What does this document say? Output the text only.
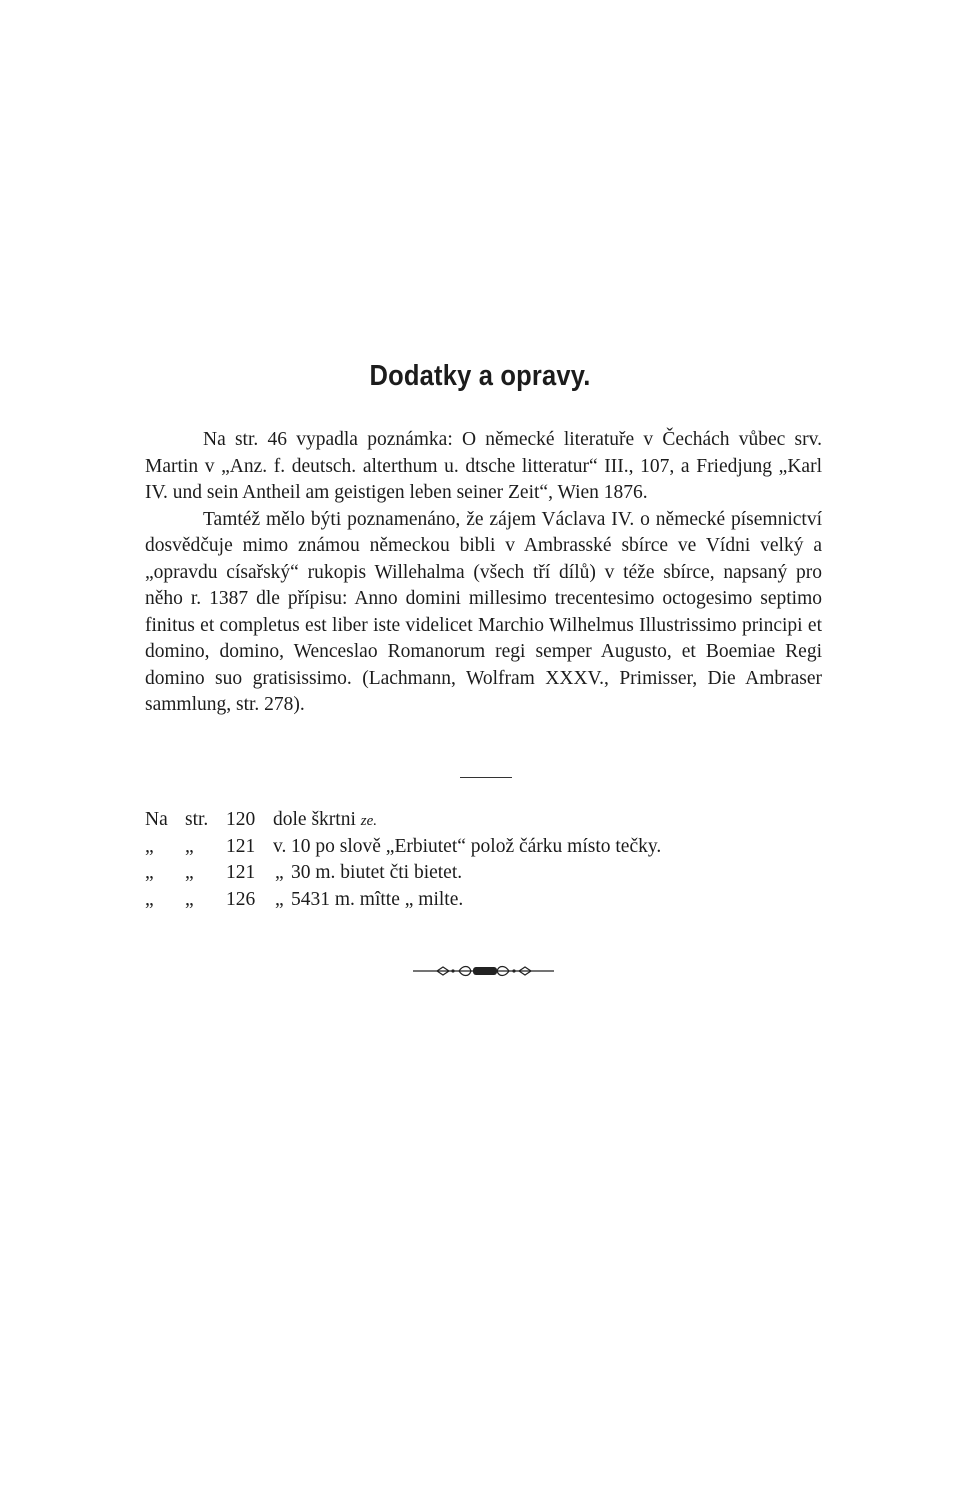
Dodatky a opravy.

Na str. 46 vypadla poznámka: O německé literatuře v Čechách vůbec srv. Martin v „Anz. f. deutsch. alterthum u. dtsche litteratur“ III., 107, a Friedjung „Karl IV. und sein Antheil am geistigen leben seiner Zeit“, Wien 1876.

Tamtéž mělo býti poznamenáno, že zájem Václava IV. o německé písemnictví dosvědčuje mimo známou německou bibli v Ambrasské sbírce ve Vídni velký a „opravdu císařský“ rukopis Willehalma (všech tří dílů) v téže sbírce, napsaný pro něho r. 1387 dle přípisu: Anno domini millesimo trecentesimo octogesimo septimo finitus et completus est liber iste videlicet Marchio Wilhelmus Illustrissimo principi et domino, domino, Wenceslao Romanorum regi semper Augusto, et Boemiae Regi domino suo gratisissimo. (Lachmann, Wolfram XXXV., Primisser, Die Ambraser sammlung, str. 278).

Na str. 120 dole škrtni ze.
„ „ 121 v. 10 po slově „Erbiutet“ polož čárku místo tečky.
„ „ 121 „ 30 m. biutet čti bietet.
„ „ 126 „ 5431 m. mîtte „ milte.
